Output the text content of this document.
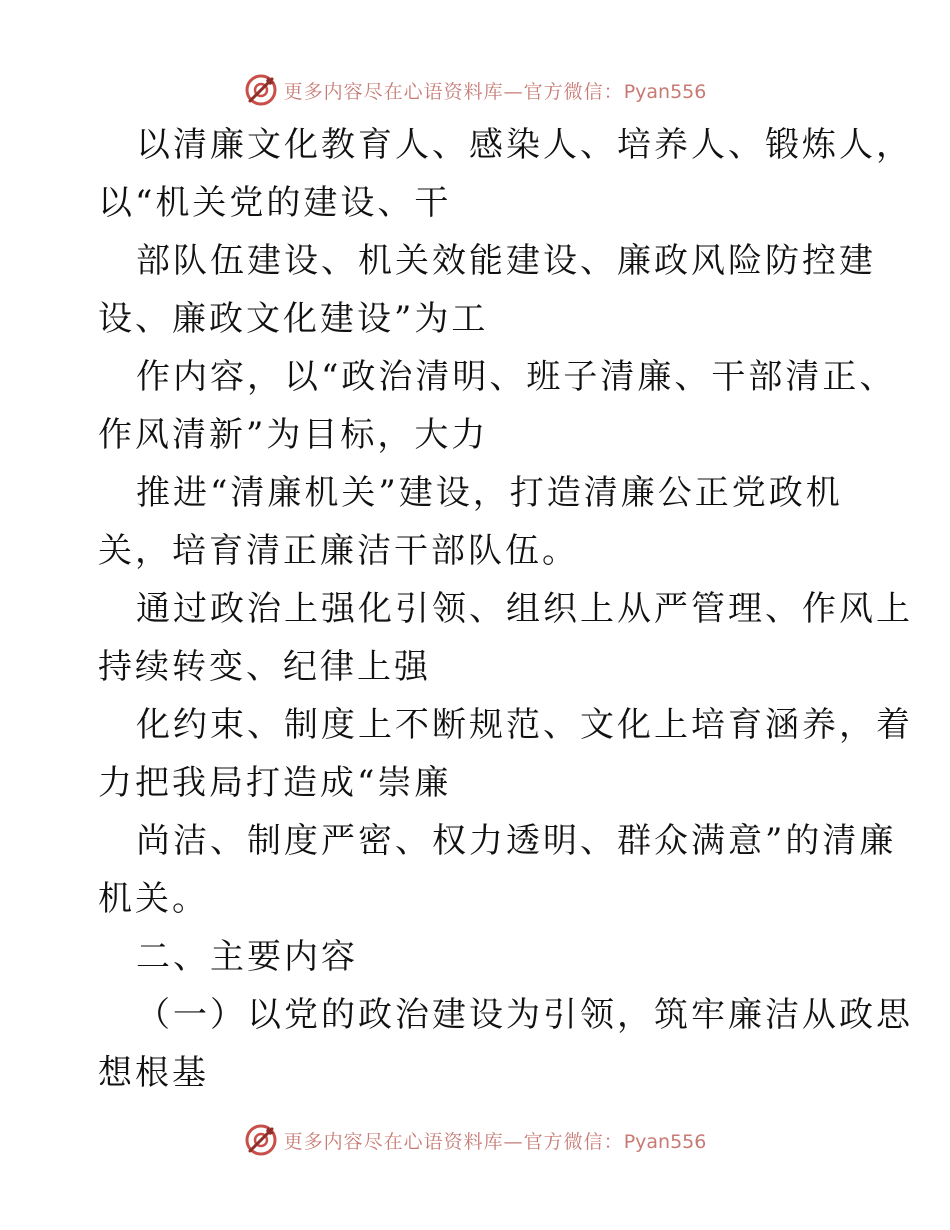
更多内容尽在心语资料库—官方微信：Pyan556

以清廉文化教育人、感染人、培养人、锻炼人，
以“机关党的建设、干

部队伍建设、机关效能建设、廉政风险防控建
设、廉政文化建设”为工

作内容，以“政治清明、班子清廉、干部清正、
作风清新”为目标，大力

推进“清廉机关”建设，打造清廉公正党政机
关，培育清正廉洁干部队伍。

通过政治上强化引领、组织上从严管理、作风上
持续转变、纪律上强

化约束、制度上不断规范、文化上培育涵养，着
力把我局打造成“崇廉

尚洁、制度严密、权力透明、群众满意”的清廉
机关。

二、主要内容

（一）以党的政治建设为引领，筑牢廉洁从政思
想根基

更多内容尽在心语资料库—官方微信：Pyan556
